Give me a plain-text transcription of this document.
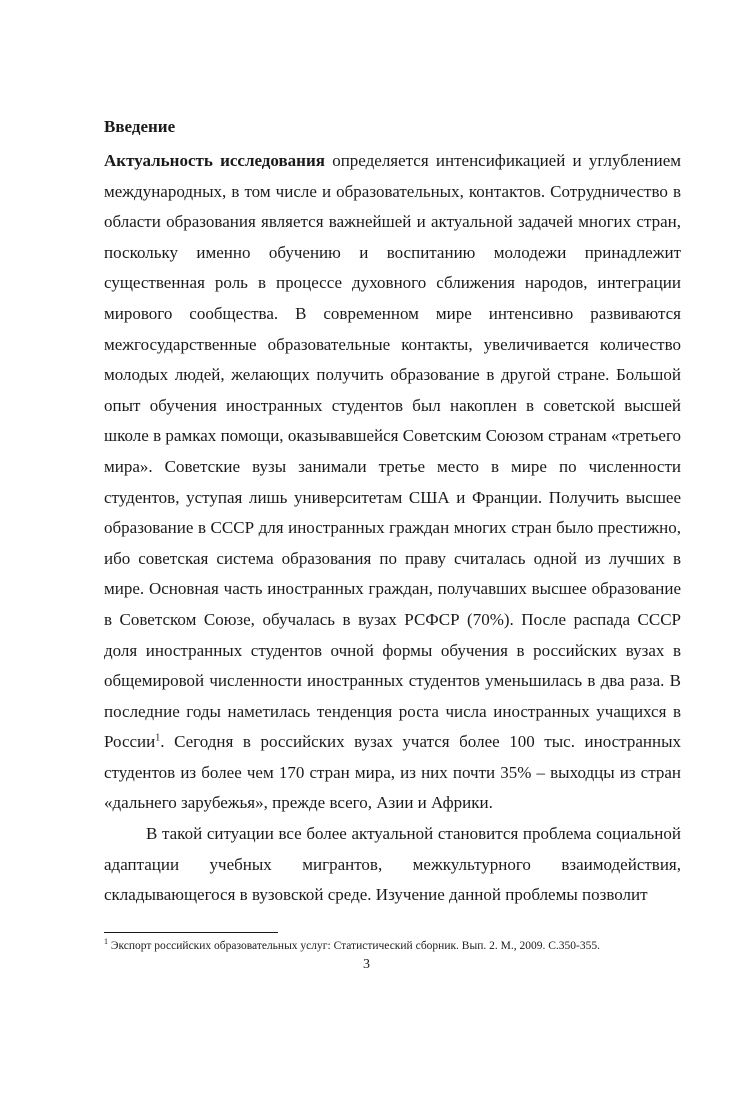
Введение

Актуальность исследования определяется интенсификацией и углублением международных, в том числе и образовательных, контактов. Сотрудничество в области образования является важнейшей и актуальной задачей многих стран, поскольку именно обучению и воспитанию молодежи принадлежит существенная роль в процессе духовного сближения народов, интеграции мирового сообщества. В современном мире интенсивно развиваются межгосударственные образовательные контакты, увеличивается количество молодых людей, желающих получить образование в другой стране. Большой опыт обучения иностранных студентов был накоплен в советской высшей школе в рамках помощи, оказывавшейся Советским Союзом странам «третьего мира». Советские вузы занимали третье место в мире по численности студентов, уступая лишь университетам США и Франции. Получить высшее образование в СССР для иностранных граждан многих стран было престижно, ибо советская система образования по праву считалась одной из лучших в мире. Основная часть иностранных граждан, получавших высшее образование в Советском Союзе, обучалась в вузах РСФСР (70%). После распада СССР доля иностранных студентов очной формы обучения в российских вузах в общемировой численности иностранных студентов уменьшилась в два раза. В последние годы наметилась тенденция роста числа иностранных учащихся в России$^1$. Сегодня в российских вузах учатся более 100 тыс. иностранных студентов из более чем 170 стран мира, из них почти 35% – выходцы из стран «дальнего зарубежья», прежде всего, Азии и Африки.

В такой ситуации все более актуальной становится проблема социальной адаптации учебных мигрантов, межкультурного взаимодействия, складывающегося в вузовской среде. Изучение данной проблемы позволит

$^1$ Экспорт российских образовательных услуг: Статистический сборник. Вып. 2. М., 2009. С.350-355.
3
